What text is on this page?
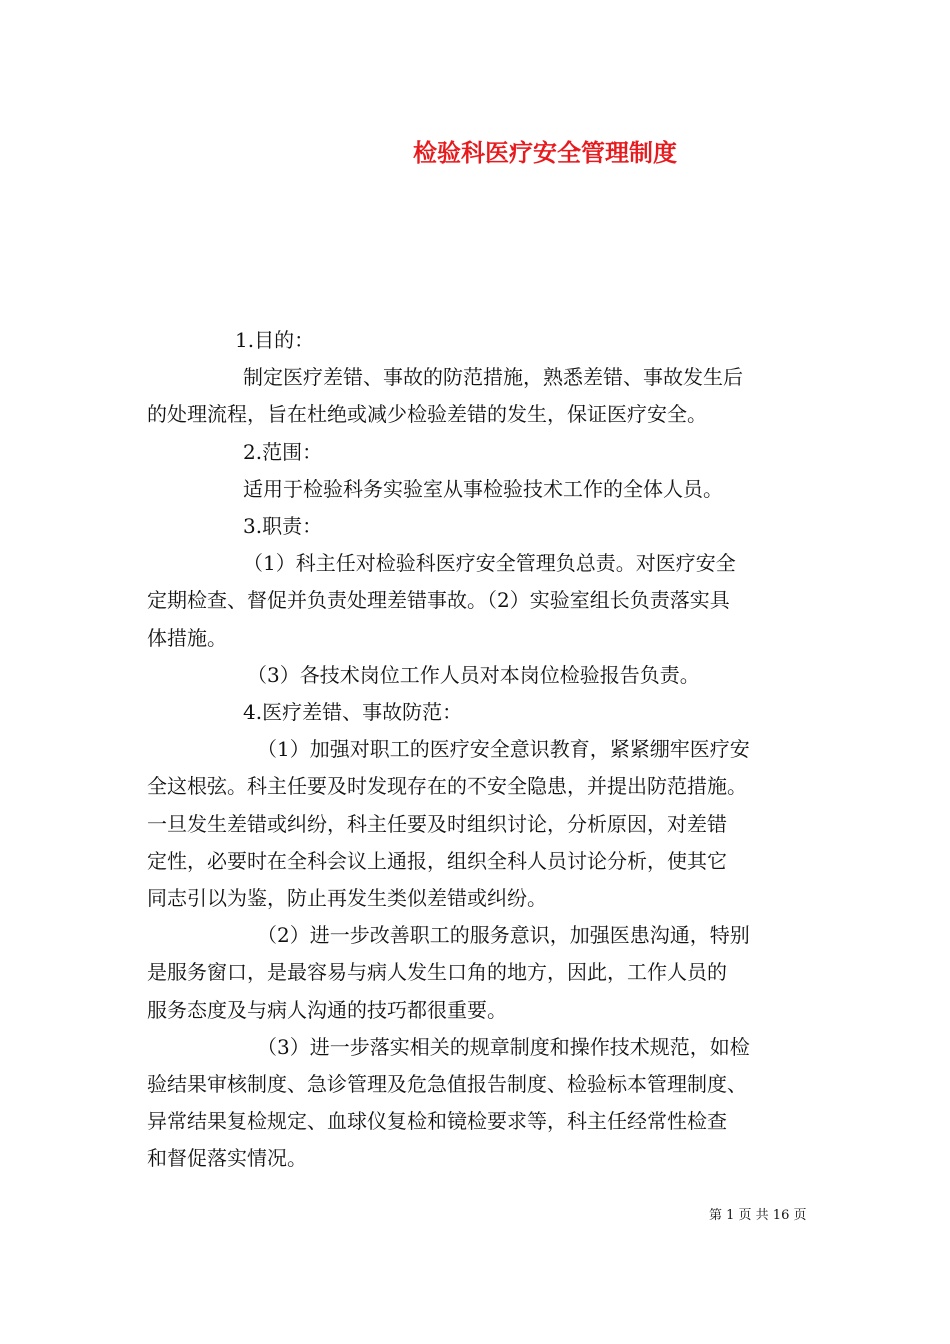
检验科医疗安全管理制度
1.目的：
制定医疗差错、事故的防范措施，熟悉差错、事故发生后
的处理流程，旨在杜绝或减少检验差错的发生，保证医疗安全。
2.范围：
适用于检验科务实验室从事检验技术工作的全体人员。
3.职责：
（1）科主任对检验科医疗安全管理负总责。对医疗安全
定期检查、督促并负责处理差错事故。（2）实验室组长负责落实具
体措施。
（3）各技术岗位工作人员对本岗位检验报告负责。
4.医疗差错、事故防范：
（1）加强对职工的医疗安全意识教育，紧紧绷牢医疗安
全这根弦。科主任要及时发现存在的不安全隐患，并提出防范措施。
一旦发生差错或纠纷，科主任要及时组织讨论，分析原因，对差错
定性，必要时在全科会议上通报，组织全科人员讨论分析，使其它
同志引以为鉴，防止再发生类似差错或纠纷。
（2）进一步改善职工的服务意识，加强医患沟通，特别
是服务窗口，是最容易与病人发生口角的地方，因此，工作人员的
服务态度及与病人沟通的技巧都很重要。
（3）进一步落实相关的规章制度和操作技术规范，如检
验结果审核制度、急诊管理及危急值报告制度、检验标本管理制度、
异常结果复检规定、血球仪复检和镜检要求等，科主任经常性检查
和督促落实情况。
第 1 页 共 16 页
